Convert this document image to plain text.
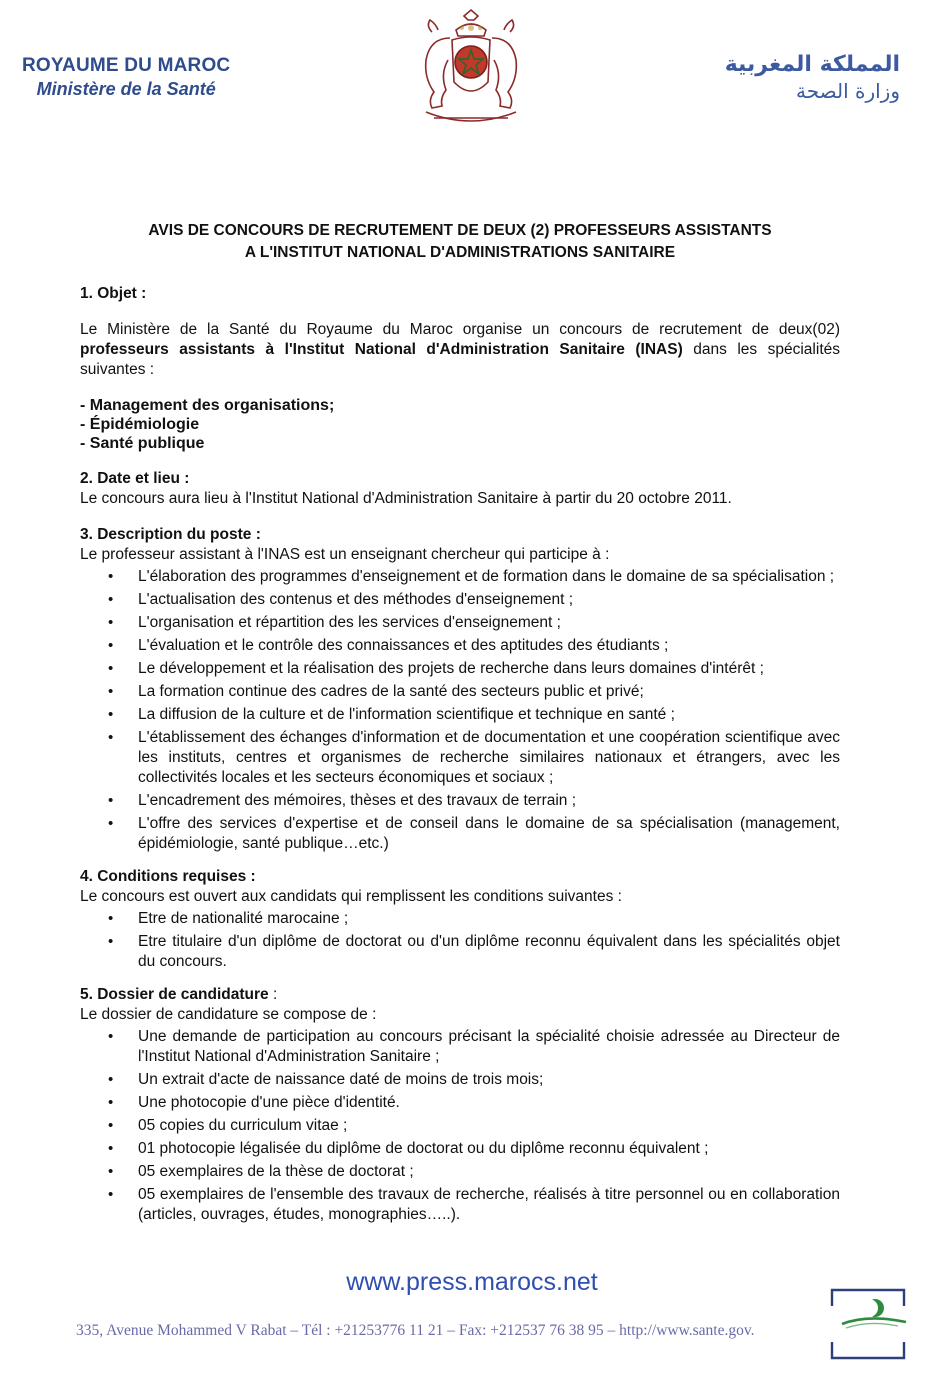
ROYAUME DU MAROC
Ministère de la Santé
المملكة المغربية
وزارة الصحة
AVIS DE CONCOURS DE RECRUTEMENT DE DEUX (2) PROFESSEURS ASSISTANTS
A L'INSTITUT NATIONAL D'ADMINISTRATIONS SANITAIRE
1. Objet :
Le Ministère de la Santé du Royaume du Maroc organise un concours de recrutement de deux(02) professeurs assistants à l'Institut National d'Administration Sanitaire (INAS) dans les spécialités suivantes :
- Management des organisations;
- Épidémiologie
- Santé publique
2. Date et lieu :
Le concours aura lieu à l'Institut National d'Administration Sanitaire à partir du 20 octobre 2011.
3. Description du poste :
Le professeur assistant à l'INAS est un enseignant chercheur qui participe à :
• L'élaboration des programmes d'enseignement et de formation dans le domaine de sa spécialisation ;
• L'actualisation des contenus et des méthodes d'enseignement ;
• L'organisation et répartition des les services d'enseignement ;
• L'évaluation et le contrôle des connaissances et des aptitudes des étudiants ;
• Le développement et la réalisation des projets de recherche dans leurs domaines d'intérêt ;
• La formation continue des cadres de la santé des secteurs public et privé;
• La diffusion de la culture et de l'information scientifique et technique en santé ;
• L'établissement des échanges d'information et de documentation et une coopération scientifique avec les instituts, centres et organismes de recherche similaires nationaux et étrangers, avec les collectivités locales et les secteurs économiques et sociaux ;
• L'encadrement des mémoires, thèses et des travaux de terrain ;
• L'offre des services d'expertise et de conseil dans le domaine de sa spécialisation (management, épidémiologie, santé publique…etc.)
4. Conditions requises :
Le concours est ouvert aux candidats qui remplissent les conditions suivantes :
• Etre de nationalité marocaine ;
• Etre titulaire d'un diplôme de doctorat ou d'un diplôme reconnu équivalent dans les spécialités objet du concours.
5. Dossier de candidature :
Le dossier de candidature se compose de :
• Une demande de participation au concours précisant la spécialité choisie adressée au Directeur de l'Institut National d'Administration Sanitaire ;
• Un extrait d'acte de naissance daté de moins de trois mois;
• Une photocopie d'une pièce d'identité.
• 05 copies du curriculum vitae ;
• 01 photocopie légalisée du diplôme de doctorat ou du diplôme reconnu équivalent ;
• 05 exemplaires de la thèse de doctorat ;
• 05 exemplaires de l'ensemble des travaux de recherche, réalisés à titre personnel ou en collaboration (articles, ouvrages, études, monographies…..).
www.press.marocs.net
335, Avenue Mohammed V Rabat – Tél : +21253776 11 21 – Fax: +212537 76 38 95 – http://www.sante.gov.
